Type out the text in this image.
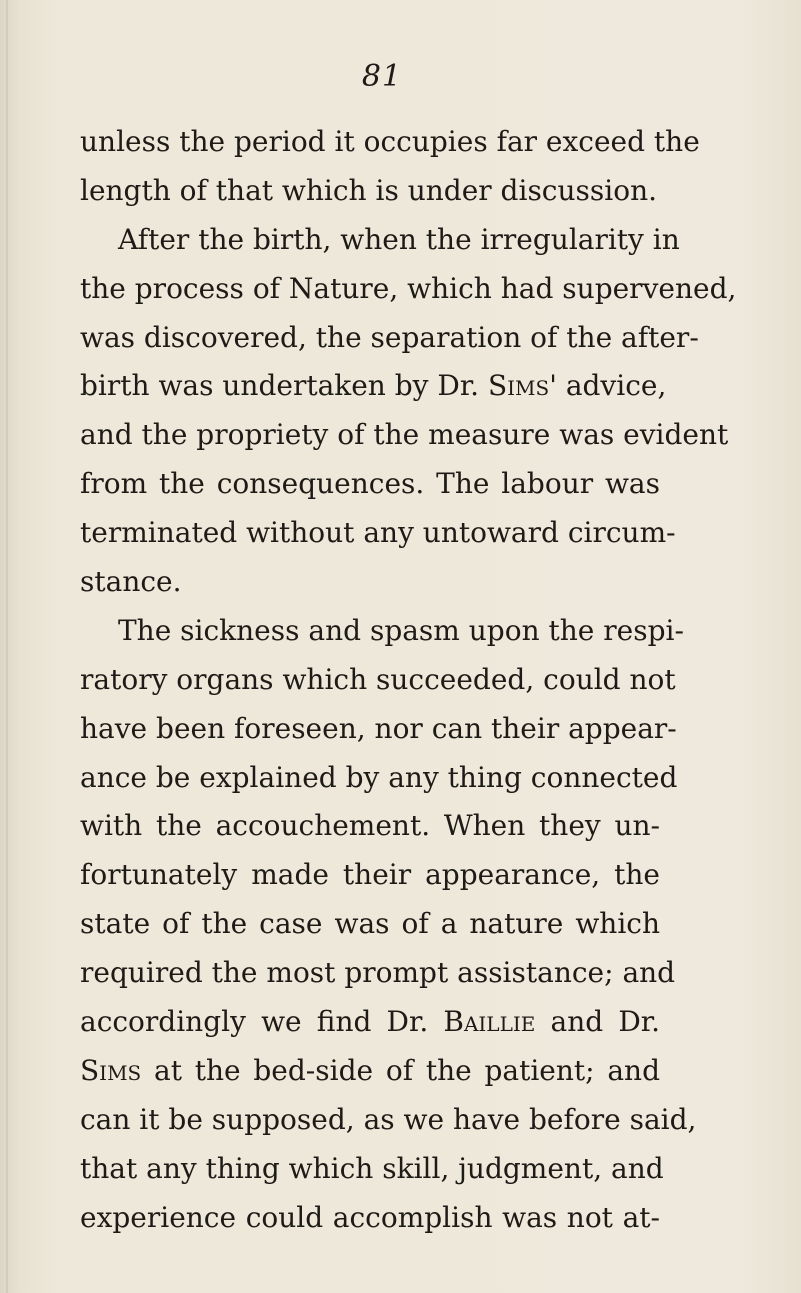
81
unless the period it occupies far exceed the
length of that which is under discussion.
After the birth, when the irregularity in
the process of Nature, which had supervened,
was discovered, the separation of the after-
birth was undertaken by Dr. Sims' advice,
and the propriety of the measure was evident
from the consequences. The labour was
terminated without any untoward circum-
stance.
The sickness and spasm upon the respi-
ratory organs which succeeded, could not
have been foreseen, nor can their appear-
ance be explained by any thing connected
with the accouchement. When they un-
fortunately made their appearance, the
state of the case was of a nature which
required the most prompt assistance; and
accordingly we find Dr. Baillie and Dr.
Sims at the bed-side of the patient; and
can it be supposed, as we have before said,
that any thing which skill, judgment, and
experience could accomplish was not at-
